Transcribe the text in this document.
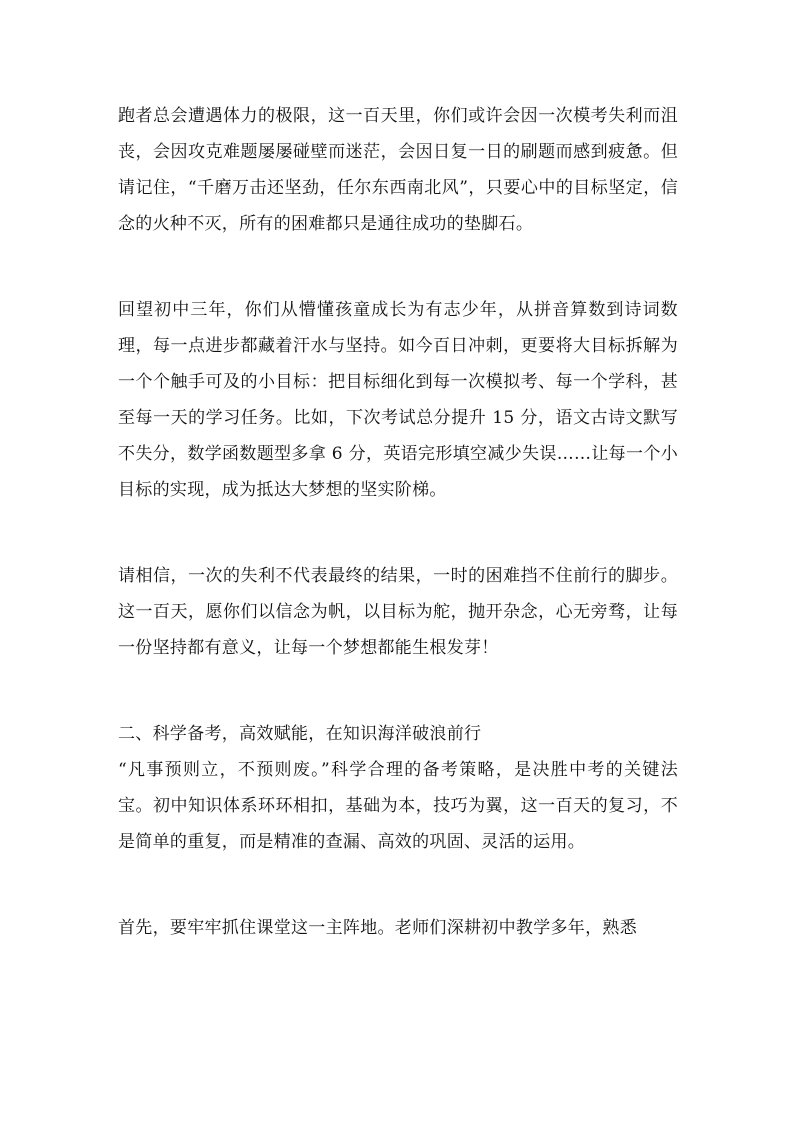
跑者总会遭遇体力的极限，这一百天里，你们或许会因一次模考失利而沮丧，会因攻克难题屡屡碰壁而迷茫，会因日复一日的刷题而感到疲惫。但请记住，“千磨万击还坚劲，任尔东西南北风”，只要心中的目标坚定，信念的火种不灭，所有的困难都只是通往成功的垫脚石。

回望初中三年，你们从懵懂孩童成长为有志少年，从拼音算数到诗词数理，每一点进步都藏着汗水与坚持。如今百日冲刺，更要将大目标拆解为一个个触手可及的小目标：把目标细化到每一次模拟考、每一个学科，甚至每一天的学习任务。比如，下次考试总分提升 15 分，语文古诗文默写不失分，数学函数题型多拿 6 分，英语完形填空减少失误……让每一个小目标的实现，成为抵达大梦想的坚实阶梯。

请相信，一次的失利不代表最终的结果，一时的困难挡不住前行的脚步。这一百天，愿你们以信念为帆，以目标为舵，抛开杂念，心无旁骛，让每一份坚持都有意义，让每一个梦想都能生根发芽！

二、科学备考，高效赋能，在知识海洋破浪前行

“凡事预则立，不预则废。”科学合理的备考策略，是决胜中考的关键法宝。初中知识体系环环相扣，基础为本，技巧为翼，这一百天的复习，不是简单的重复，而是精准的查漏、高效的巩固、灵活的运用。

首先，要牢牢抓住课堂这一主阵地。老师们深耕初中教学多年，熟悉
